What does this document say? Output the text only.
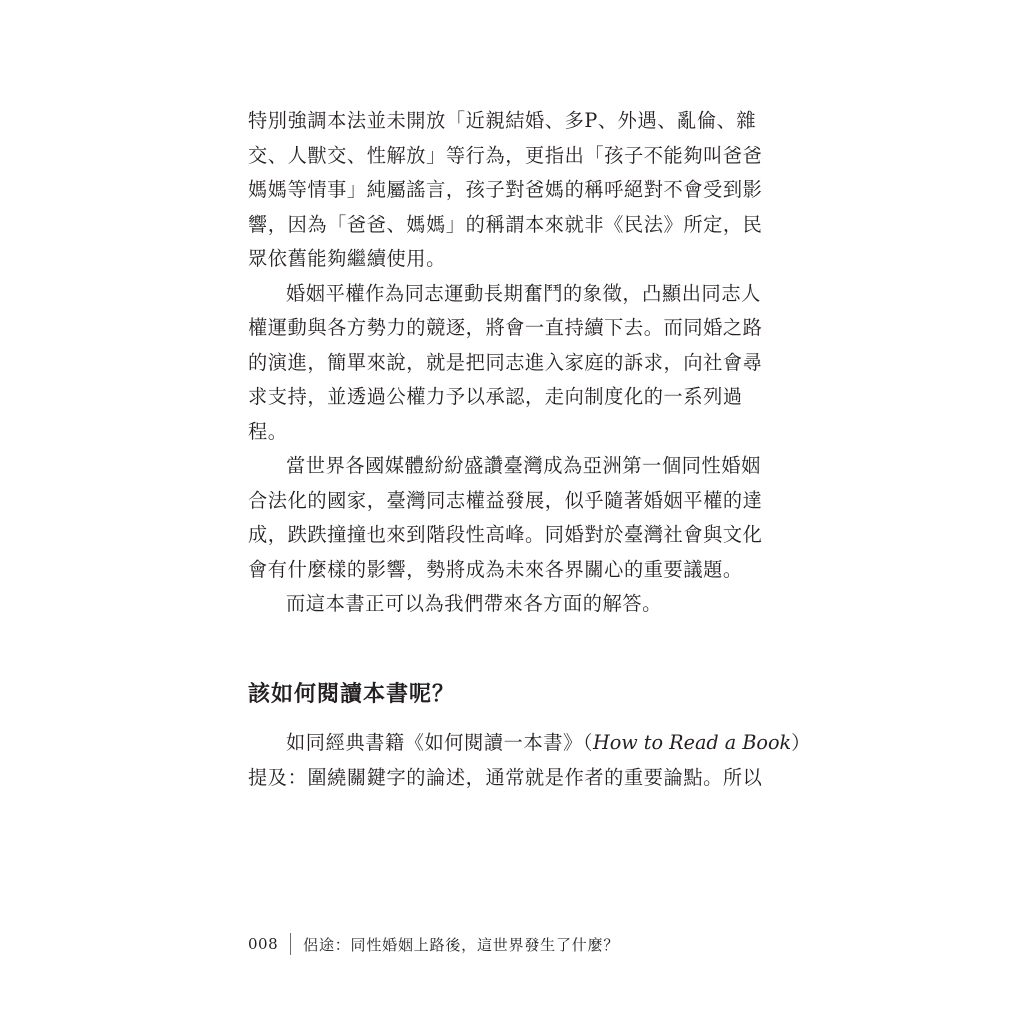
特別強調本法並未開放「近親結婚、多P、外遇、亂倫、雜
交、人獸交、性解放」等行為，更指出「孩子不能夠叫爸爸
媽媽等情事」純屬謠言，孩子對爸媽的稱呼絕對不會受到影
響，因為「爸爸、媽媽」的稱謂本來就非《民法》所定，民
眾依舊能夠繼續使用。
婚姻平權作為同志運動長期奮鬥的象徵，凸顯出同志人
權運動與各方勢力的競逐，將會一直持續下去。而同婚之路
的演進，簡單來說，就是把同志進入家庭的訴求，向社會尋
求支持，並透過公權力予以承認，走向制度化的一系列過
程。
當世界各國媒體紛紛盛讚臺灣成為亞洲第一個同性婚姻
合法化的國家，臺灣同志權益發展，似乎隨著婚姻平權的達
成，跌跌撞撞也來到階段性高峰。同婚對於臺灣社會與文化
會有什麼樣的影響，勢將成為未來各界關心的重要議題。
而這本書正可以為我們帶來各方面的解答。
該如何閱讀本書呢？
如同經典書籍《如何閱讀一本書》（How to Read a Book）
提及：圍繞關鍵字的論述，通常就是作者的重要論點。所以
008 侶途：同性婚姻上路後，這世界發生了什麼？
